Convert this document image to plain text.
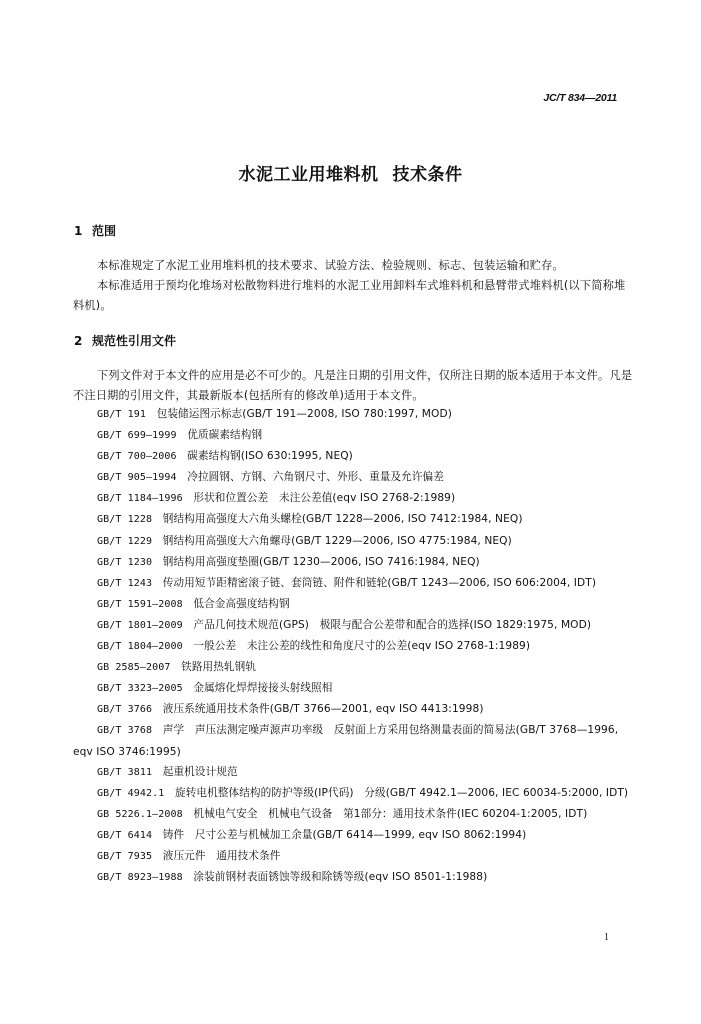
JC/T 834—2011
水泥工业用堆料机 技术条件
1 范围
本标准规定了水泥工业用堆料机的技术要求、试验方法、检验规则、标志、包装运输和贮存。
本标准适用于预均化堆场对松散物料进行堆料的水泥工业用卸料车式堆料机和悬臂带式堆料机(以下简称堆料机)。
2 规范性引用文件
下列文件对于本文件的应用是必不可少的。凡是注日期的引用文件，仅所注日期的版本适用于本文件。凡是不注日期的引用文件，其最新版本(包括所有的修改单)适用于本文件。
GB/T 191　 包装储运图示标志(GB/T 191—2008, ISO 780:1997, MOD)
GB/T 699—1999　 优质碳素结构钢
GB/T 700—2006　 碳素结构钢(ISO 630:1995, NEQ)
GB/T 905—1994　 冷拉圆钢、方钢、六角钢尺寸、外形、重量及允许偏差
GB/T 1184—1996　 形状和位置公差　未注公差值(eqv ISO 2768-2:1989)
GB/T 1228　 钢结构用高强度大六角头螺栓(GB/T 1228—2006, ISO 7412:1984, NEQ)
GB/T 1229　 钢结构用高强度大六角螺母(GB/T 1229—2006, ISO 4775:1984, NEQ)
GB/T 1230　 钢结构用高强度垫圈(GB/T 1230—2006, ISO 7416:1984, NEQ)
GB/T 1243　 传动用短节距精密滚子链、套筒链、附件和链轮(GB/T 1243—2006, ISO 606:2004, IDT)
GB/T 1591—2008　 低合金高强度结构钢
GB/T 1801—2009　 产品几何技术规范(GPS)　极限与配合公差带和配合的选择(ISO 1829:1975, MOD)
GB/T 1804—2000　 一般公差　未注公差的线性和角度尺寸的公差(eqv ISO 2768-1:1989)
GB 2585—2007　 铁路用热轧钢轨
GB/T 3323—2005　 金属熔化焊焊接接头射线照相
GB/T 3766　 液压系统通用技术条件(GB/T 3766—2001, eqv ISO 4413:1998)
GB/T 3768　 声学　声压法测定噪声源声功率级　反射面上方采用包络测量表面的简易法(GB/T 3768—1996, eqv ISO 3746:1995)
GB/T 3811　 起重机设计规范
GB/T 4942.1　 旋转电机整体结构的防护等级(IP代码)　分级(GB/T 4942.1—2006, IEC 60034-5:2000, IDT)
GB 5226.1—2008　 机械电气安全　机械电气设备　第1部分：通用技术条件(IEC 60204-1:2005, IDT)
GB/T 6414　 铸件　尺寸公差与机械加工余量(GB/T 6414—1999, eqv ISO 8062:1994)
GB/T 7935　 液压元件　通用技术条件
GB/T 8923—1988　 涂装前钢材表面锈蚀等级和除锈等级(eqv ISO 8501-1:1988)
1
